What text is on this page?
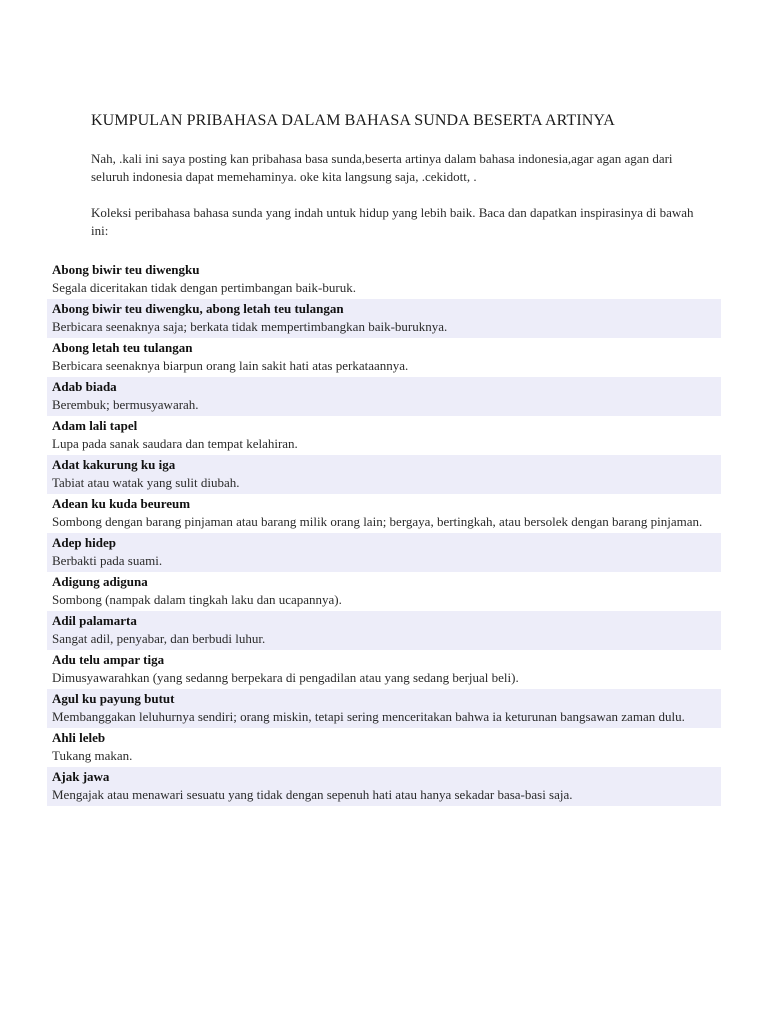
KUMPULAN PRIBAHASA DALAM BAHASA SUNDA BESERTA ARTINYA

Nah, .kali ini saya posting kan pribahasa basa sunda,beserta artinya dalam bahasa indonesia,agar agan agan dari seluruh indonesia dapat memehaminya. oke kita langsung saja, .cekidott, .

Koleksi peribahasa bahasa sunda yang indah untuk hidup yang lebih baik. Baca dan dapatkan inspirasinya di bawah ini:

Abong biwir teu diwengku
Segala diceritakan tidak dengan pertimbangan baik-buruk.
Abong biwir teu diwengku, abong letah teu tulangan
Berbicara seenaknya saja; berkata tidak mempertimbangkan baik-buruknya.
Abong letah teu tulangan
Berbicara seenaknya biarpun orang lain sakit hati atas perkataannya.
Adab biada
Berembuk; bermusyawarah.
Adam lali tapel
Lupa pada sanak saudara dan tempat kelahiran.
Adat kakurung ku iga
Tabiat atau watak yang sulit diubah.
Adean ku kuda beureum
Sombong dengan barang pinjaman atau barang milik orang lain; bergaya, bertingkah, atau bersolek dengan barang pinjaman.
Adep hidep
Berbakti pada suami.
Adigung adiguna
Sombong (nampak dalam tingkah laku dan ucapannya).
Adil palamarta
Sangat adil, penyabar, dan berbudi luhur.
Adu telu ampar tiga
Dimusyawarahkan (yang sedanng berpekara di pengadilan atau yang sedang berjual beli).
Agul ku payung butut
Membanggakan leluhurnya sendiri; orang miskin, tetapi sering menceritakan bahwa ia keturunan bangsawan zaman dulu.
Ahli leleb
Tukang makan.
Ajak jawa
Mengajak atau menawari sesuatu yang tidak dengan sepenuh hati atau hanya sekadar basa-basi saja.
